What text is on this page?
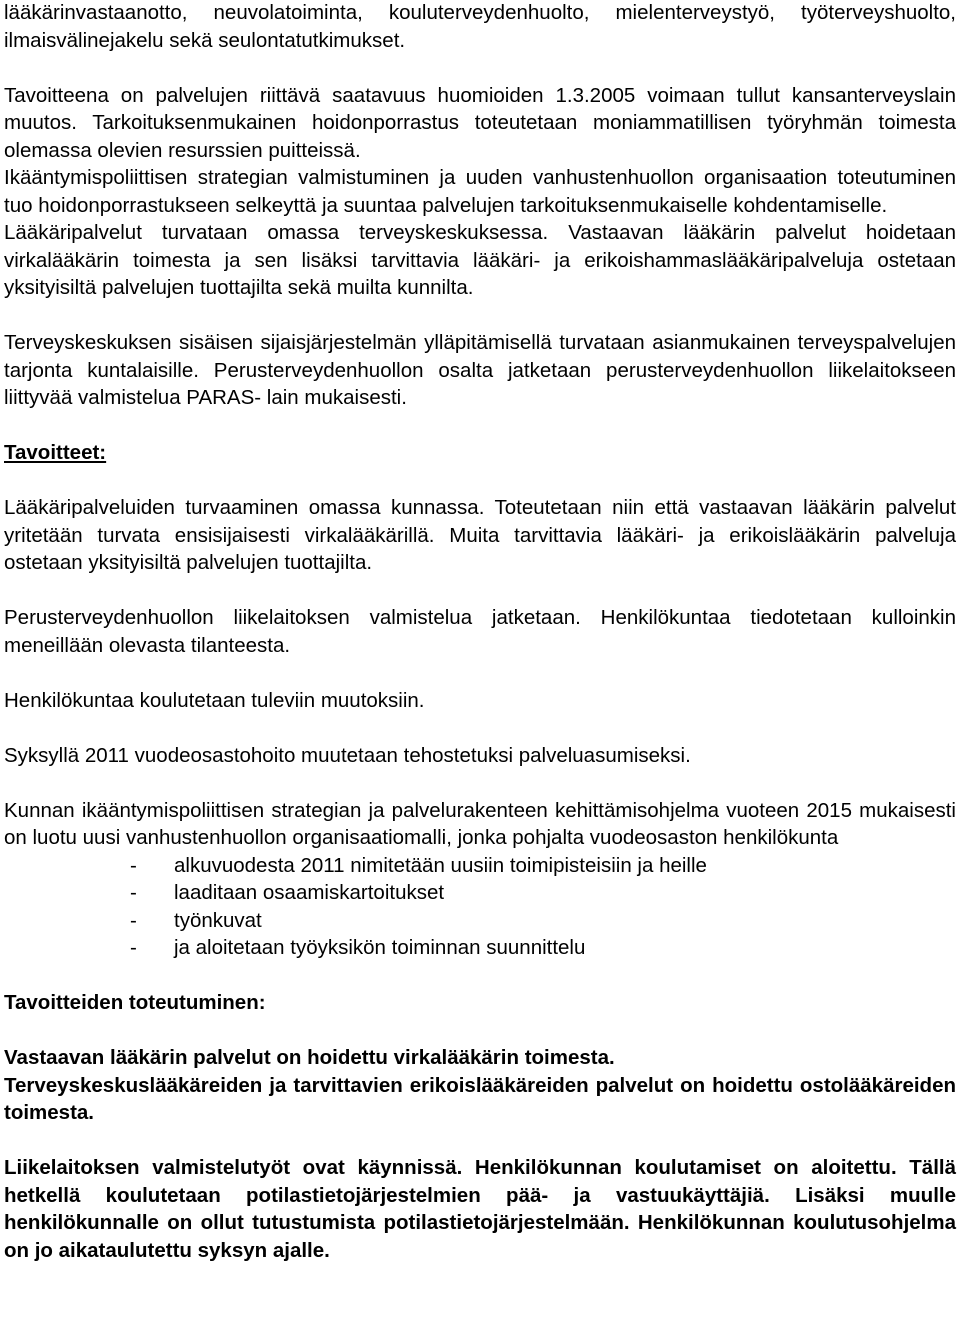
lääkärinvastaanotto, neuvolatoiminta, kouluterveydenhuolto, mielenterveystyö, työterveyshuolto, ilmaisvälinejakelu sekä seulontatutkimukset.

Tavoitteena on palvelujen riittävä saatavuus huomioiden 1.3.2005 voimaan tullut kansanterveyslain muutos. Tarkoituksenmukainen hoidonporrastus toteutetaan moniammatillisen työryhmän toimesta olemassa olevien resurssien puitteissä.

Ikääntymispoliittisen strategian valmistuminen ja uuden vanhustenhuollon organisaation toteutuminen tuo hoidonporrastukseen selkeyttä ja suuntaa palvelujen tarkoituksenmukaiselle kohdentamiselle.

Lääkäripalvelut turvataan omassa terveyskeskuksessa. Vastaavan lääkärin palvelut hoidetaan virkalääkärin toimesta ja sen lisäksi tarvittavia lääkäri- ja erikoishammaslääkäripalveluja ostetaan yksityisiltä palvelujen tuottajilta sekä muilta kunnilta.

Terveyskeskuksen sisäisen sijaisjärjestelmän ylläpitämisellä turvataan asianmukainen terveyspalvelujen tarjonta kuntalaisille. Perusterveydenhuollon osalta jatketaan perusterveydenhuollon liikelaitokseen liittyvää valmistelua PARAS- lain mukaisesti.

Tavoitteet:

Lääkäripalveluiden turvaaminen omassa kunnassa. Toteutetaan niin että vastaavan lääkärin palvelut yritetään turvata ensisijaisesti virkalääkärillä. Muita tarvittavia lääkäri- ja erikoislääkärin palveluja ostetaan yksityisiltä palvelujen tuottajilta.

Perusterveydenhuollon liikelaitoksen valmistelua jatketaan. Henkilökuntaa tiedotetaan kulloinkin meneillään olevasta tilanteesta.

Henkilökuntaa koulutetaan tuleviin muutoksiin.

Syksyllä 2011 vuodeosastohoito muutetaan tehostetuksi palveluasumiseksi.

Kunnan ikääntymispoliittisen strategian ja palvelurakenteen kehittämisohjelma vuoteen 2015 mukaisesti on luotu uusi vanhustenhuollon organisaatiomalli, jonka pohjalta vuodeosaston henkilökunta

- alkuvuodesta 2011 nimitetään uusiin toimipisteisiin ja heille
- laaditaan osaamiskartoitukset
- työnkuvat
- ja aloitetaan työyksikön toiminnan suunnittelu

Tavoitteiden toteutuminen:

Vastaavan lääkärin palvelut on hoidettu virkalääkärin toimesta.

Terveyskeskuslääkäreiden ja tarvittavien erikoislääkäreiden palvelut on hoidettu ostolääkäreiden toimesta.

Liikelaitoksen valmistelutyöt ovat käynnissä. Henkilökunnan koulutamiset on aloitettu. Tällä hetkellä koulutetaan potilastietojärjestelmien pää- ja vastuukäyttäjiä. Lisäksi muulle henkilökunnalle on ollut tutustumista potilastietojärjestelmään. Henkilökunnan koulutusohjelma on jo aikataulutettu syksyn ajalle.
